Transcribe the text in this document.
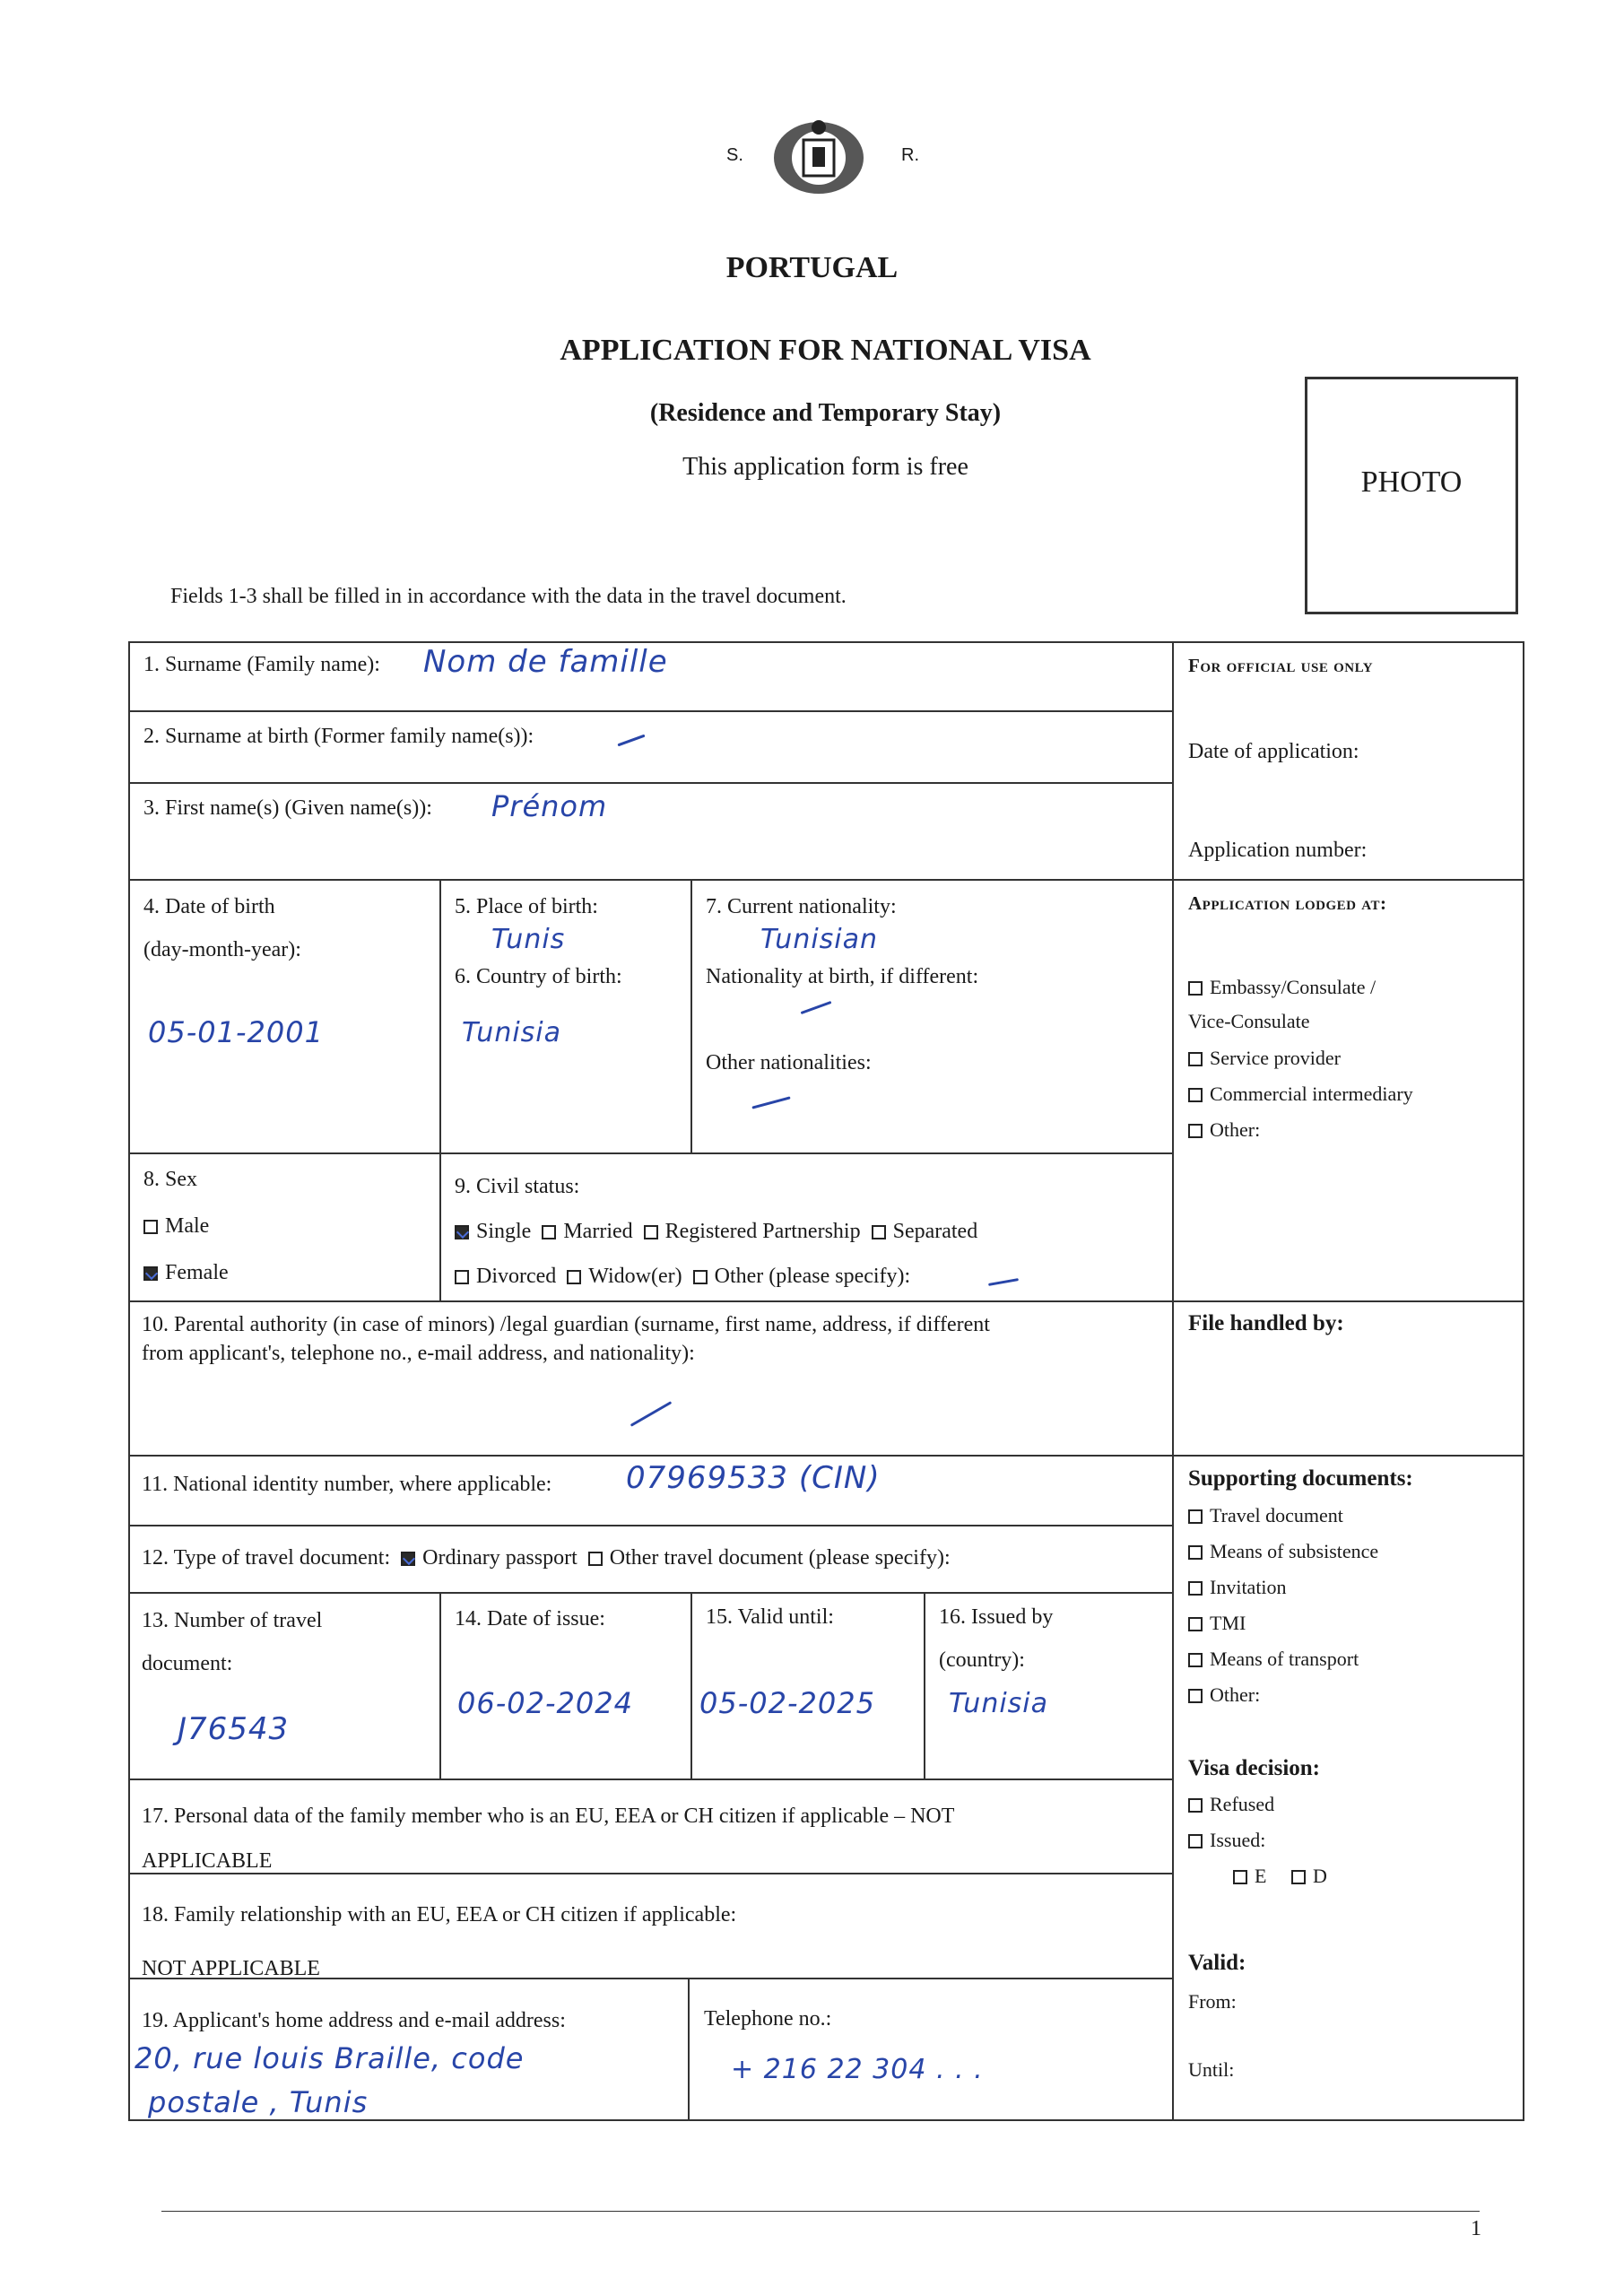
S.	R.
PORTUGAL
APPLICATION FOR NATIONAL VISA
(Residence and Temporary Stay)
This application form is free	PHOTO
Fields 1-3 shall be filled in in accordance with the data in the travel document.
1. Surname (Family name): Nom de famille
2. Surname at birth (Former family name(s)):
3. First name(s) (Given name(s)): Prénom
4. Date of birth
(day-month-year):
05-01-2001
5. Place of birth:
Tunis
6. Country of birth:
Tunisia
7. Current nationality:
Tunisian
Nationality at birth, if different:
Other nationalities:
8. Sex
Male
Female
9. Civil status:
Single Married Registered Partnership Separated
Divorced Widow(er) Other (please specify):
10. Parental authority (in case of minors) /legal guardian (surname, first name, address, if different
from applicant's, telephone no., e-mail address, and nationality):
11. National identity number, where applicable: 07969533 (CIN)
12. Type of travel document: Ordinary passport Other travel document (please specify):
13. Number of travel
document:
J76543
14. Date of issue:
06-02-2024
15. Valid until:
05-02-2025
16. Issued by
(country):
Tunisia
17. Personal data of the family member who is an EU, EEA or CH citizen if applicable – NOT
APPLICABLE
18. Family relationship with an EU, EEA or CH citizen if applicable:
NOT APPLICABLE
19. Applicant's home address and e-mail address:
20, rue louis Braille, code
postale , Tunis
Telephone no.:
+ 216 22 304 . . .
For official use only
Date of application:
Application number:
Application lodged at:
Embassy/Consulate /
Vice-Consulate
Service provider
Commercial intermediary
Other:
File handled by:
Supporting documents:
Travel document
Means of subsistence
Invitation
TMI
Means of transport
Other:
Visa decision:
Refused
Issued:
E D
Valid:
From:
Until:
1
